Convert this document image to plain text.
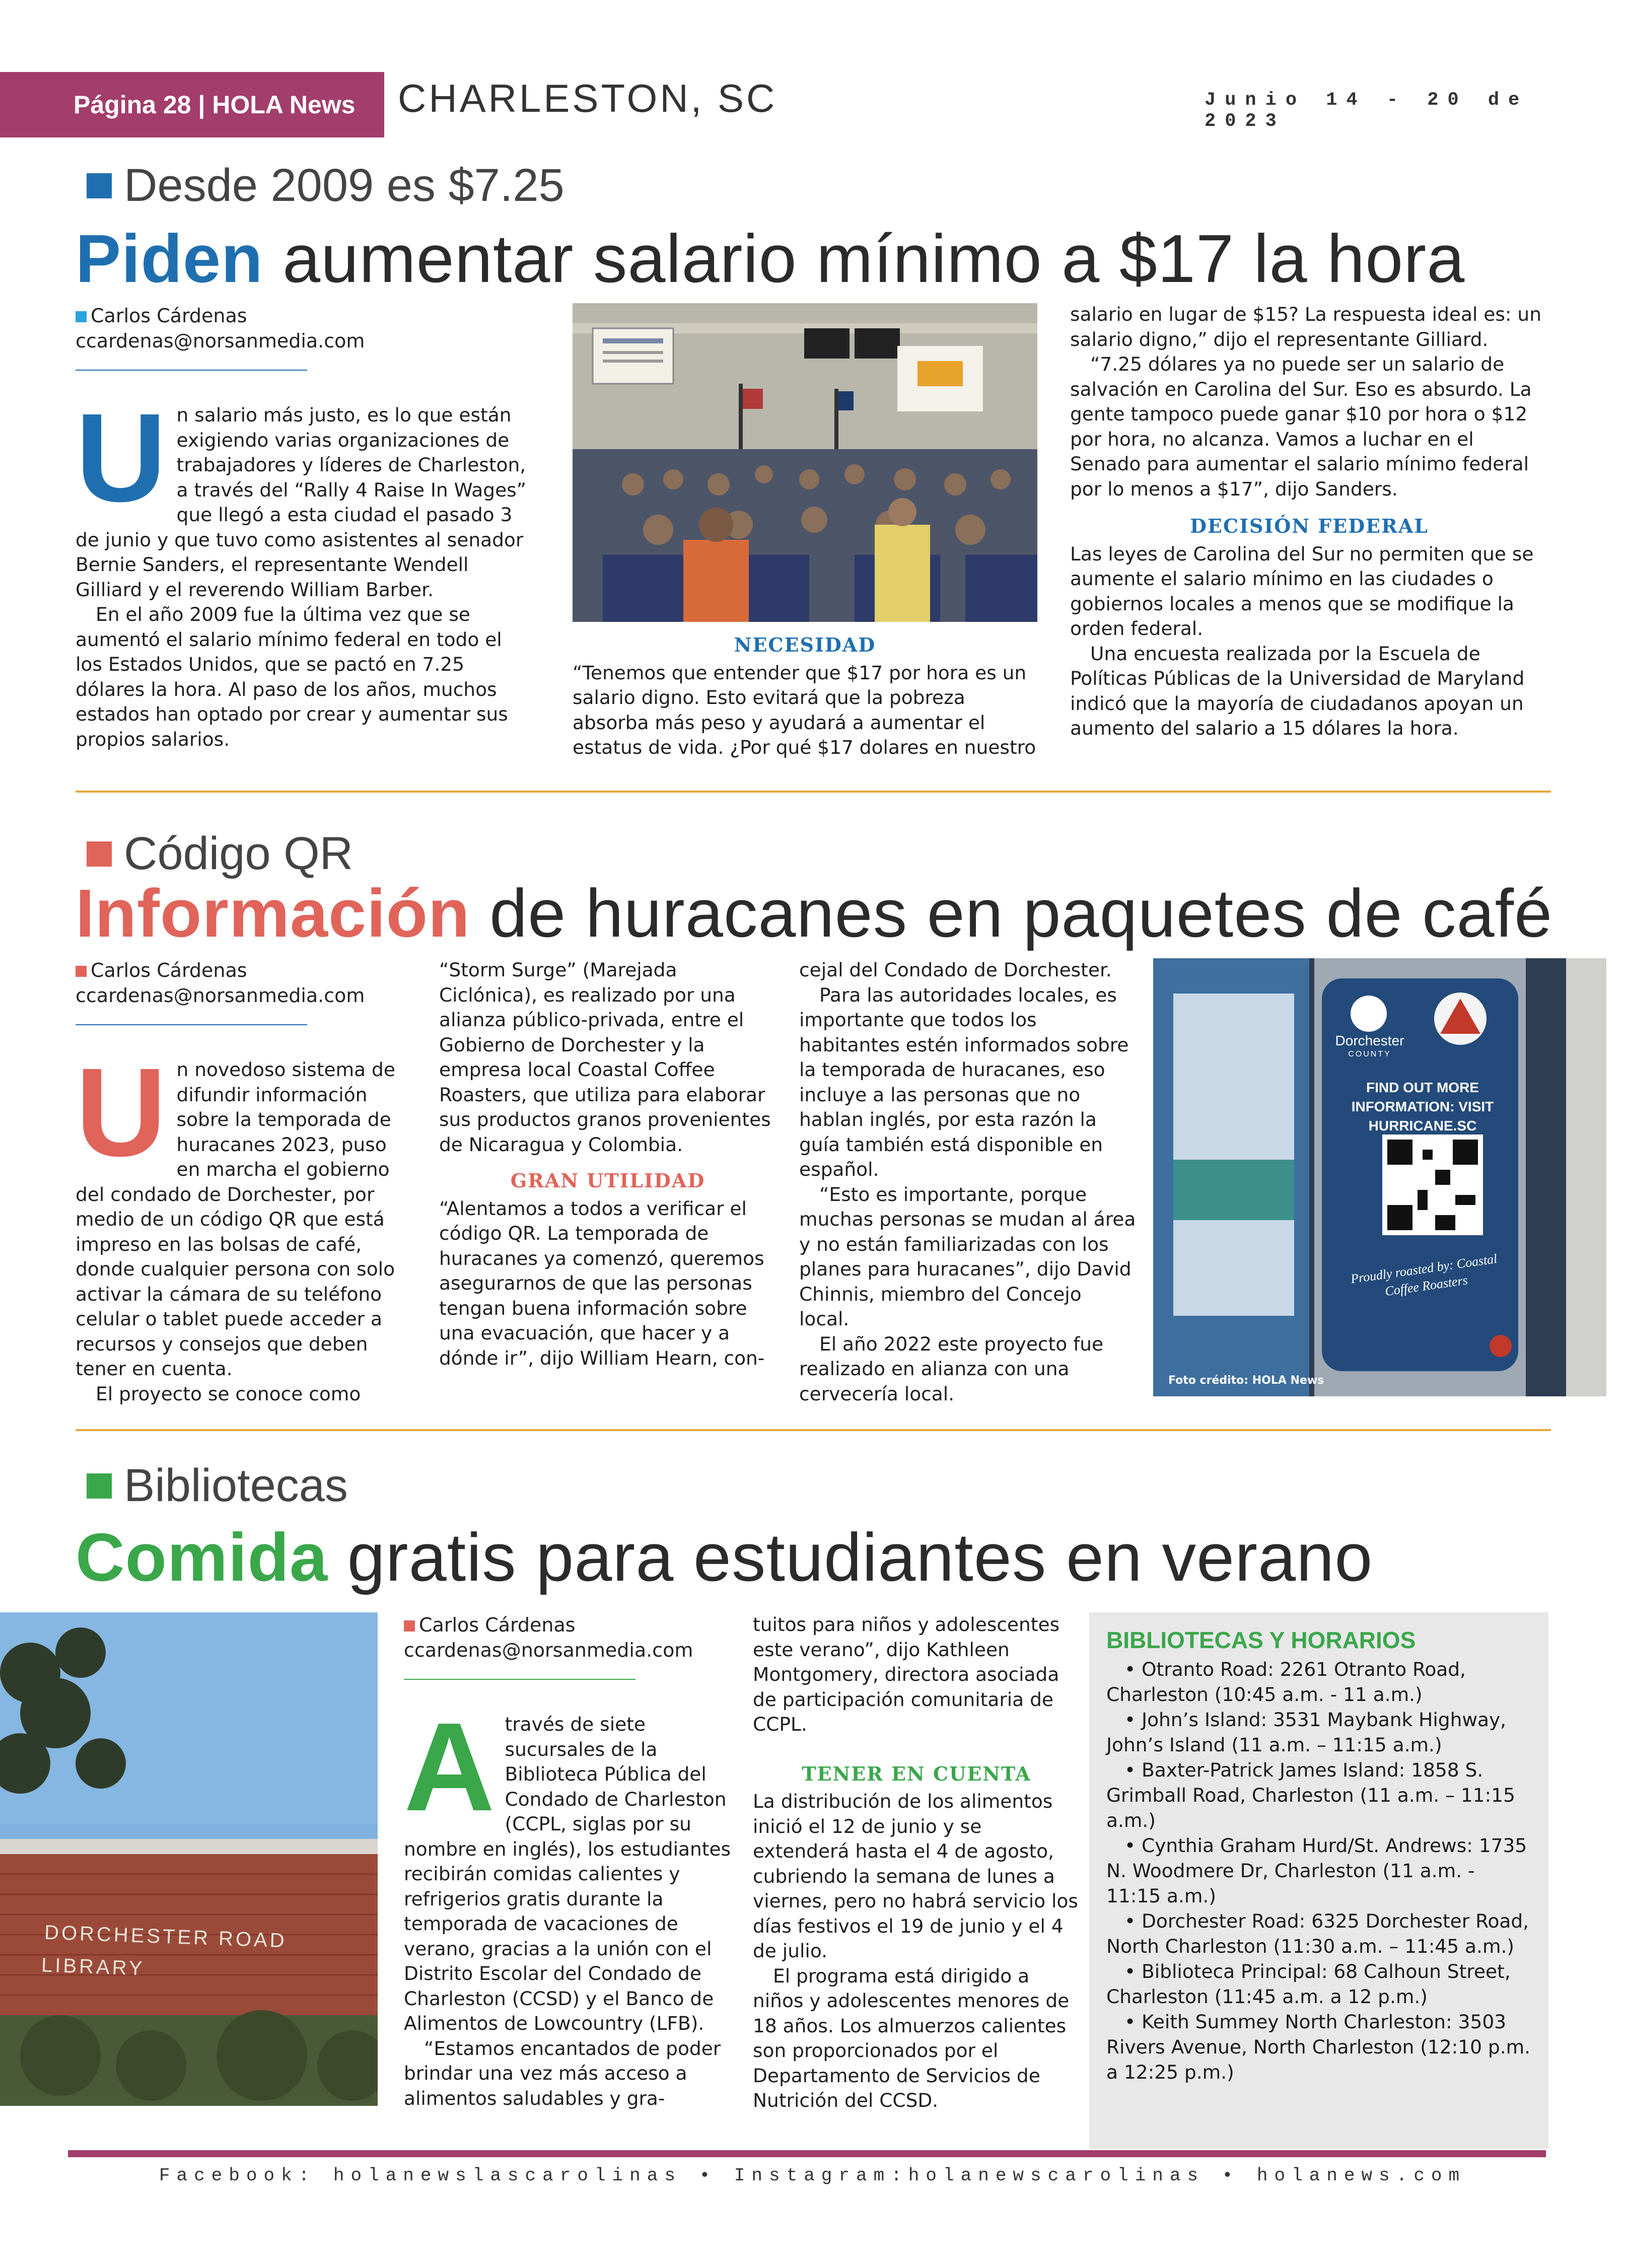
Página 28 | HOLA News	CHARLESTON, SC	Junio 14 - 20 de 2023
Desde 2009 es $7.25
Piden aumentar salario mínimo a $17 la hora
Carlos Cárdenas
ccardenas@norsanmedia.com
U n salario más justo, es lo que están exigiendo varias organizaciones de trabajadores y líderes de Charleston, a través del “Rally 4 Raise In Wages” que llegó a esta ciudad el pasado 3 de junio y que tuvo como asistentes al senador Bernie Sanders, el representante Wendell Gilliard y el reverendo William Barber.

En el año 2009 fue la última vez que se aumentó el salario mínimo federal en todo el los Estados Unidos, que se pactó en 7.25 dólares la hora. Al paso de los años, muchos estados han optado por crear y aumentar sus propios salarios.

NECESIDAD

“Tenemos que entender que $17 por hora es un salario digno. Esto evitará que la pobreza absorba más peso y ayudará a aumentar el estatus de vida. ¿Por qué $17 dolares en nuestro

salario en lugar de $15? La respuesta ideal es: un salario digno,” dijo el representante Gilliard.

“7.25 dólares ya no puede ser un salario de salvación en Carolina del Sur. Eso es absurdo. La gente tampoco puede ganar $10 por hora o $12 por hora, no alcanza. Vamos a luchar en el Senado para aumentar el salario mínimo federal por lo menos a $17”, dijo Sanders.

DECISIÓN FEDERAL

Las leyes de Carolina del Sur no permiten que se aumente el salario mínimo en las ciudades o gobiernos locales a menos que se modifique la orden federal.

Una encuesta realizada por la Escuela de Políticas Públicas de la Universidad de Maryland indicó que la mayoría de ciudadanos apoyan un aumento del salario a 15 dólares la hora.

Código QR
Información de huracanes en paquetes de café
Carlos Cárdenas
ccardenas@norsanmedia.com
U n novedoso sistema de difundir información sobre la temporada de huracanes 2023, puso en marcha el gobierno del condado de Dorchester, por medio de un código QR que está impreso en las bolsas de café, donde cualquier persona con solo activar la cámara de su teléfono celular o tablet puede acceder a recursos y consejos que deben tener en cuenta.

El proyecto se conoce como

“Storm Surge” (Marejada Ciclónica), es realizado por una alianza público-privada, entre el Gobierno de Dorchester y la empresa local Coastal Coffee Roasters, que utiliza para elaborar sus productos granos provenientes de Nicaragua y Colombia.

GRAN UTILIDAD

“Alentamos a todos a verificar el código QR. La temporada de huracanes ya comenzó, queremos asegurarnos de que las personas tengan buena información sobre una evacuación, que hacer y a dónde ir”, dijo William Hearn, con-

cejal del Condado de Dorchester.

Para las autoridades locales, es importante que todos los habitantes estén informados sobre la temporada de huracanes, eso incluye a las personas que no hablan inglés, por esta razón la guía también está disponible en español.

“Esto es importante, porque muchas personas se mudan al área y no están familiarizadas con los planes para huracanes”, dijo David Chinnis, miembro del Concejo local.

El año 2022 este proyecto fue realizado en alianza con una cervecería local.

Dorchester
COUNTY
FIND OUT MORE INFORMATION: VISIT HURRICANE.SC
Proudly roasted by: Coastal Coffee Roasters
Foto crédito: HOLA News
Bibliotecas
Comida gratis para estudiantes en verano
DORCHESTER ROAD
LIBRARY
Carlos Cárdenas
ccardenas@norsanmedia.com
A través de siete sucursales de la Biblioteca Pública del Condado de Charleston (CCPL, siglas por su nombre en inglés), los estudiantes recibirán comidas calientes y refrigerios gratis durante la temporada de vacaciones de verano, gracias a la unión con el Distrito Escolar del Condado de Charleston (CCSD) y el Banco de Alimentos de Lowcountry (LFB).

“Estamos encantados de poder brindar una vez más acceso a alimentos saludables y gra-

tuitos para niños y adolescentes este verano”, dijo Kathleen Montgomery, directora asociada de participación comunitaria de CCPL.

TENER EN CUENTA

La distribución de los alimentos inició el 12 de junio y se extenderá hasta el 4 de agosto, cubriendo la semana de lunes a viernes, pero no habrá servicio los días festivos el 19 de junio y el 4 de julio.

El programa está dirigido a niños y adolescentes menores de 18 años. Los almuerzos calientes son proporcionados por el Departamento de Servicios de Nutrición del CCSD.

BIBLIOTECAS Y HORARIOS
• Otranto Road: 2261 Otranto Road, Charleston (10:45 a.m. - 11 a.m.)
• John’s Island: 3531 Maybank Highway, John’s Island (11 a.m. – 11:15 a.m.)
• Baxter-Patrick James Island: 1858 S. Grimball Road, Charleston (11 a.m. – 11:15 a.m.)
• Cynthia Graham Hurd/St. Andrews: 1735 N. Woodmere Dr, Charleston (11 a.m. - 11:15 a.m.)
• Dorchester Road: 6325 Dorchester Road, North Charleston (11:30 a.m. – 11:45 a.m.)
• Biblioteca Principal: 68 Calhoun Street, Charleston (11:45 a.m. a 12 p.m.)
• Keith Summey North Charleston: 3503 Rivers Avenue, North Charleston (12:10 p.m. a 12:25 p.m.)
Facebook: holanewslascarolinas • Instagram:holanewscarolinas • holanews.com
